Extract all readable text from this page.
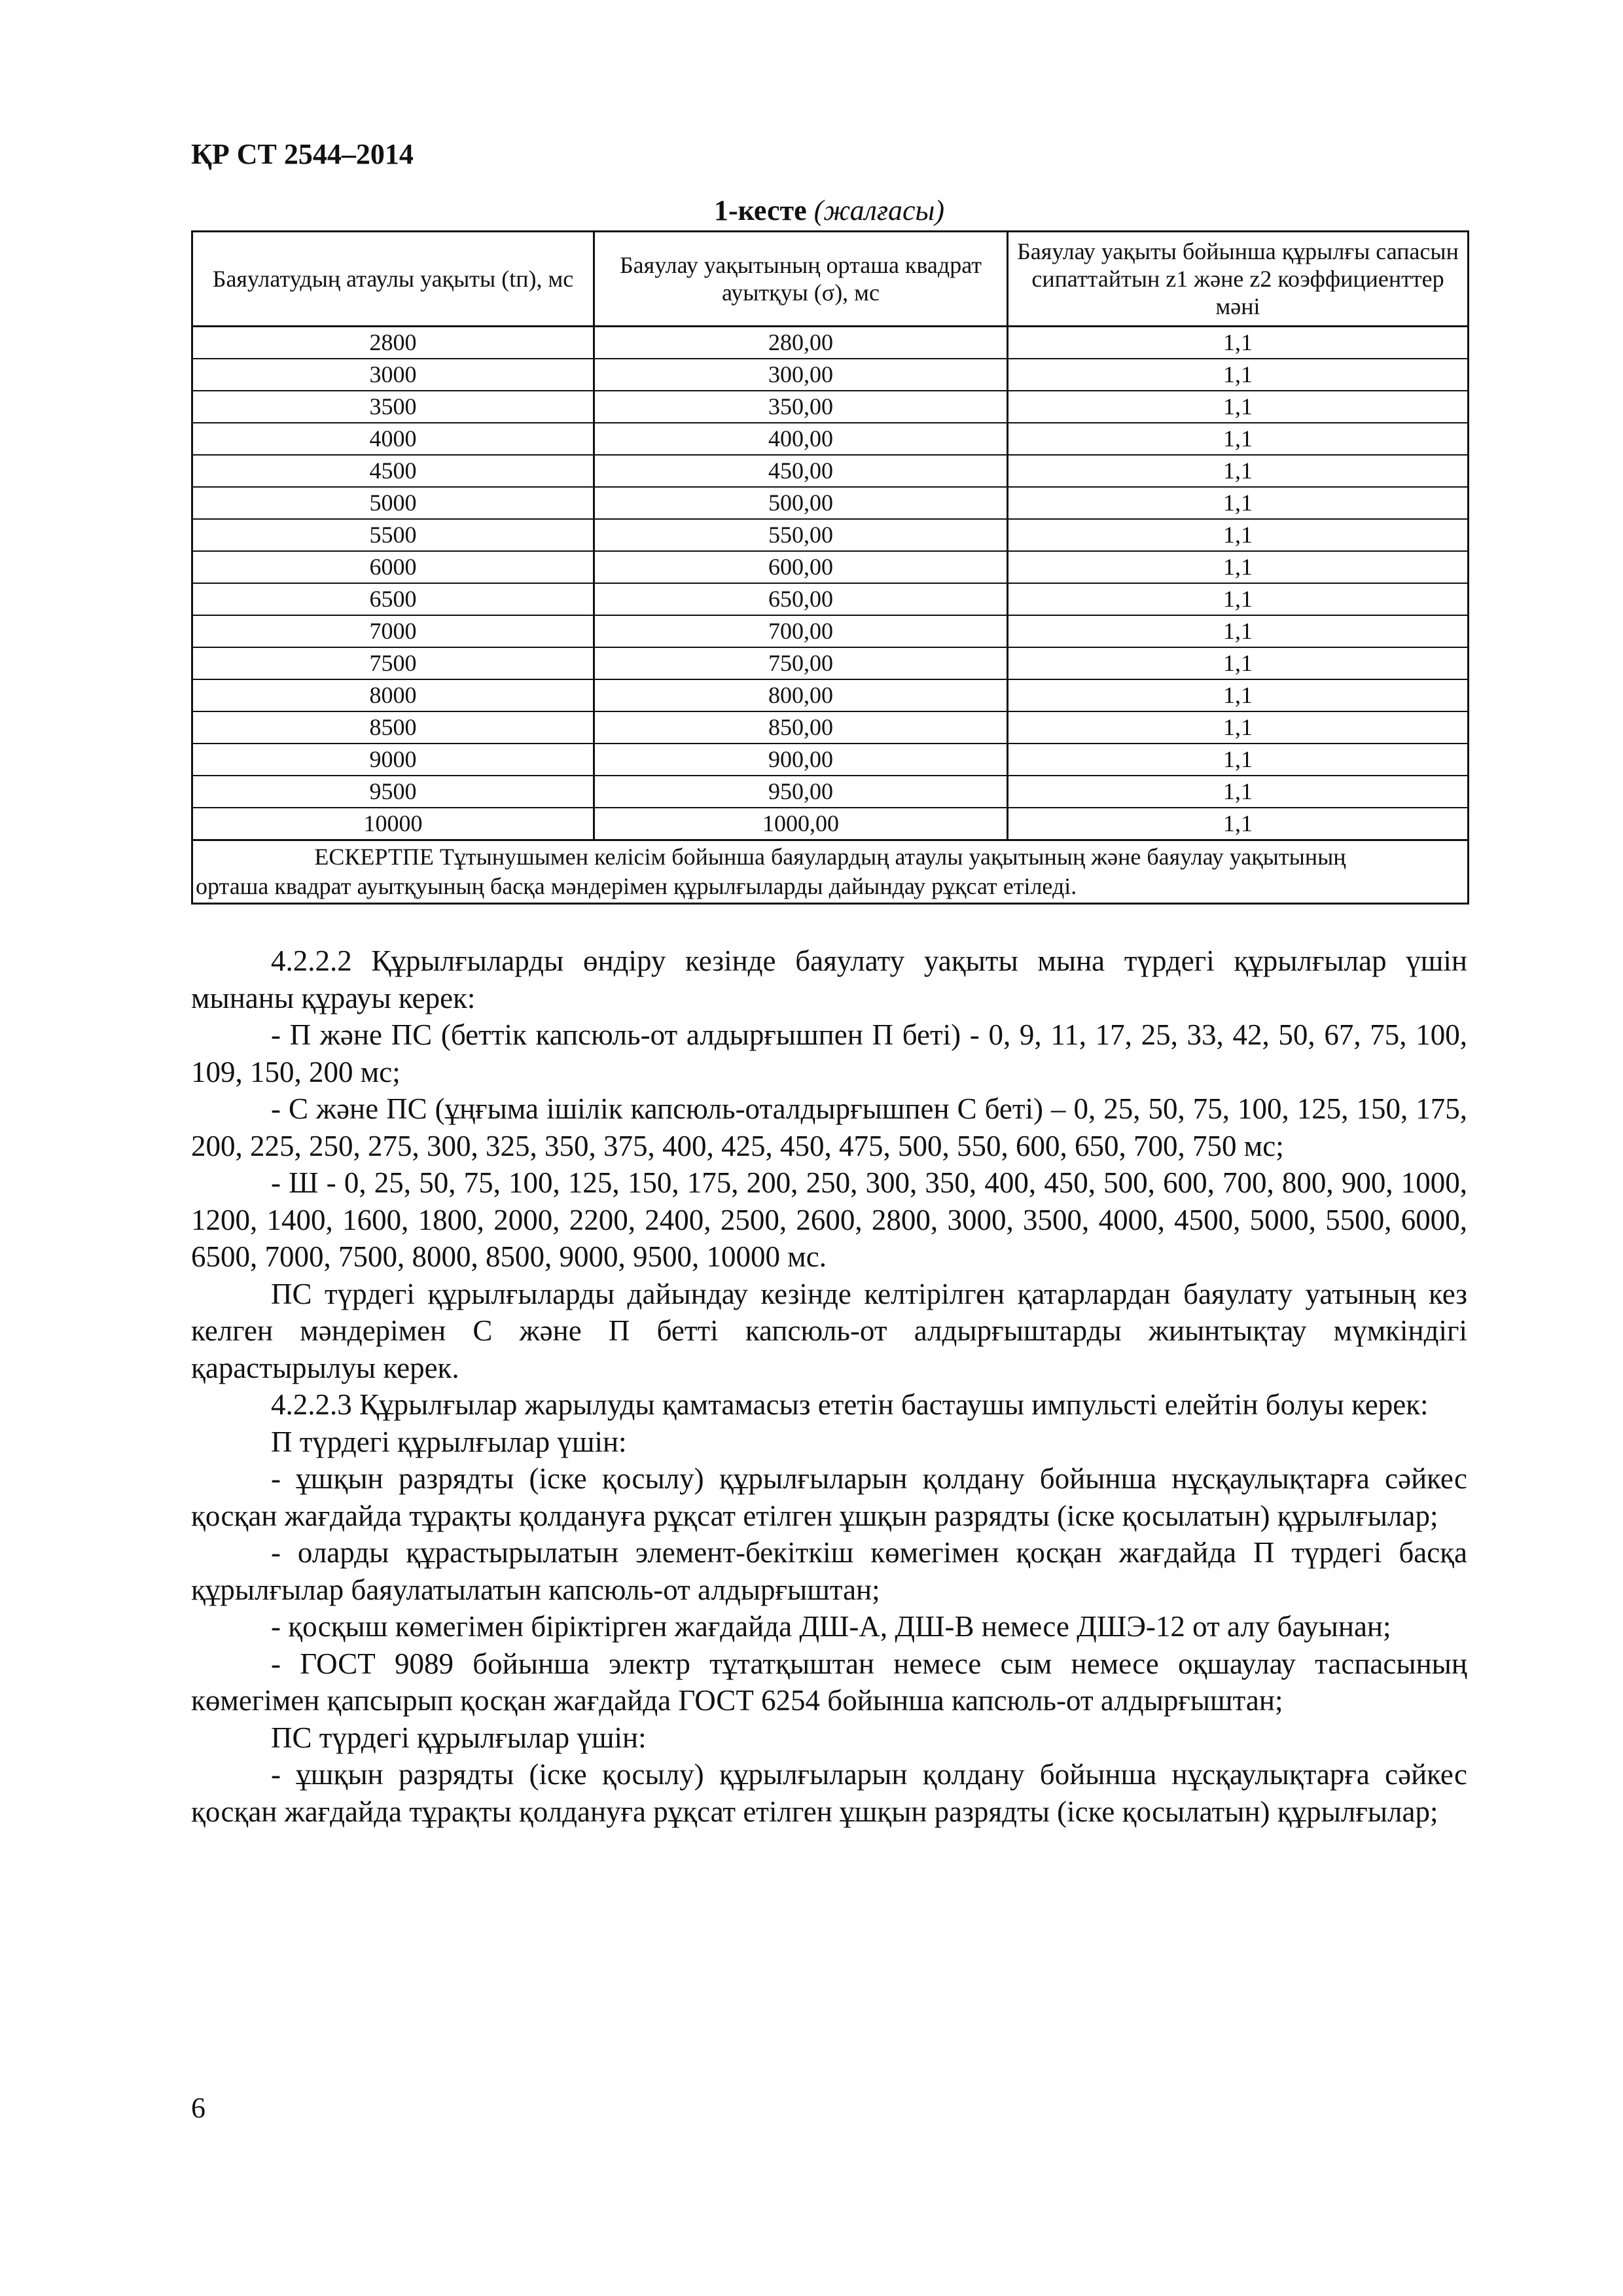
ҚР СТ 2544–2014
1-кесте (жалғасы)
Баяулатудың атаулы уақыты (tп), мс	Баяулау уақытының орташа квадрат ауытқуы (σ), мс	Баяулау уақыты бойынша құрылғы сапасын сипаттайтын z1 және z2 коэффициенттер мәні
2800	280,00	1,1
3000	300,00	1,1
3500	350,00	1,1
4000	400,00	1,1
4500	450,00	1,1
5000	500,00	1,1
5500	550,00	1,1
6000	600,00	1,1
6500	650,00	1,1
7000	700,00	1,1
7500	750,00	1,1
8000	800,00	1,1
8500	850,00	1,1
9000	900,00	1,1
9500	950,00	1,1
10000	1000,00	1,1

ЕСКЕРТПЕ Тұтынушымен келісім бойынша баяулардың атаулы уақытының және баяулау уақытының
орташа квадрат ауытқуының басқа мәндерімен құрылғыларды дайындау рұқсат етіледі.		

4.2.2.2 Құрылғыларды өндіру кезінде баяулату уақыты мына түрдегі құрылғылар үшін мынаны құрауы керек:

- П және ПС (беттік капсюль-от алдырғышпен П беті) - 0, 9, 11, 17, 25, 33, 42, 50, 67, 75, 100, 109, 150, 200 мс;

- С және ПС (ұңғыма ішілік капсюль-оталдырғышпен С беті) – 0, 25, 50, 75, 100, 125, 150, 175, 200, 225, 250, 275, 300, 325, 350, 375, 400, 425, 450, 475, 500, 550, 600, 650, 700, 750 мс;

- Ш - 0, 25, 50, 75, 100, 125, 150, 175, 200, 250, 300, 350, 400, 450, 500, 600, 700, 800, 900, 1000, 1200, 1400, 1600, 1800, 2000, 2200, 2400, 2500, 2600, 2800, 3000, 3500, 4000, 4500, 5000, 5500, 6000, 6500, 7000, 7500, 8000, 8500, 9000, 9500, 10000 мс.

ПС түрдегі құрылғыларды дайындау кезінде келтірілген қатарлардан баяулату уатының кез келген мәндерімен С және П бетті капсюль-от алдырғыштарды жиынтықтау мүмкіндігі қарастырылуы керек.

4.2.2.3 Құрылғылар жарылуды қамтамасыз ететін бастаушы импульсті елейтін болуы керек:

П түрдегі құрылғылар үшін:

- ұшқын разрядты (іске қосылу) құрылғыларын қолдану бойынша нұсқаулықтарға сәйкес қосқан жағдайда тұрақты қолдануға рұқсат етілген ұшқын разрядты (іске қосылатын) құрылғылар;

- оларды құрастырылатын элемент-бекіткіш көмегімен қосқан жағдайда П түрдегі басқа құрылғылар баяулатылатын капсюль-от алдырғыштан;

- қосқыш көмегімен біріктірген жағдайда ДШ-А, ДШ-В немесе ДШЭ-12 от алу бауынан;

- ГОСТ 9089 бойынша электр тұтатқыштан немесе сым немесе оқшаулау таспасының көмегімен қапсырып қосқан жағдайда ГОСТ 6254 бойынша капсюль-от алдырғыштан;

ПС түрдегі құрылғылар үшін:

- ұшқын разрядты (іске қосылу) құрылғыларын қолдану бойынша нұсқаулықтарға сәйкес қосқан жағдайда тұрақты қолдануға рұқсат етілген ұшқын разрядты (іске қосылатын) құрылғылар;

6
